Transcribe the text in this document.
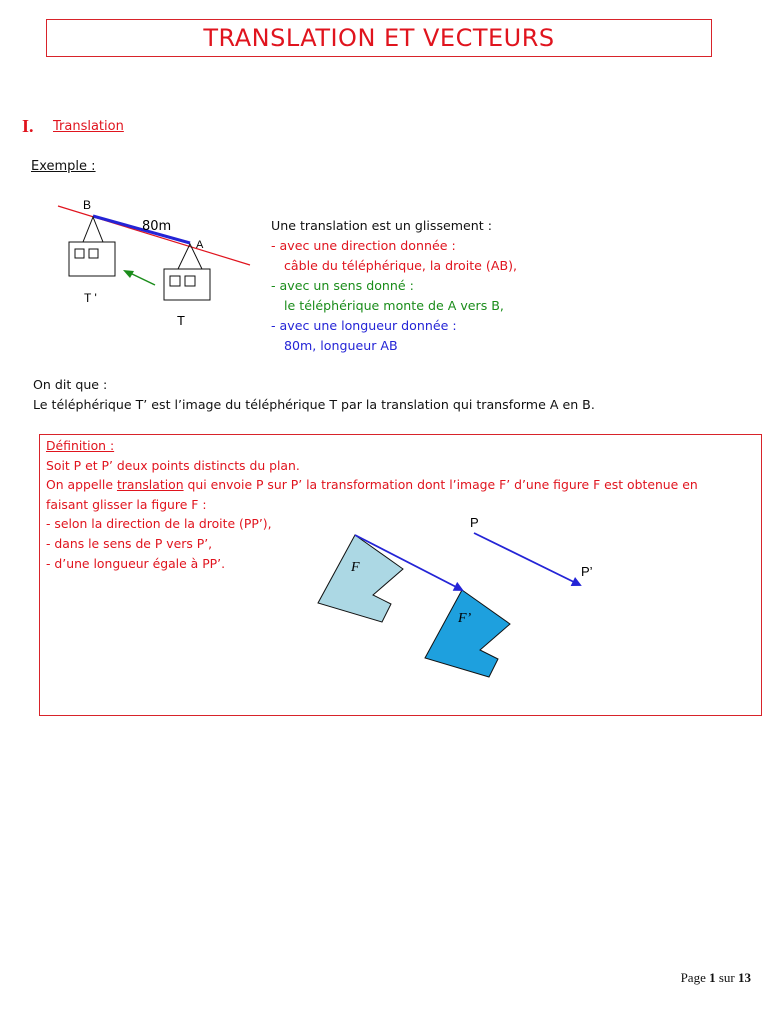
TRANSLATION ET VECTEURS
I. Translation
Exemple :
B
A
80m
T '
T
Une translation est un glissement :
- avec une direction donnée :
câble du téléphérique, la droite (AB),
- avec un sens donné :
le téléphérique monte de A vers B,
- avec une longueur donnée :
80m, longueur AB
On dit que :
Le téléphérique T’ est l’image du téléphérique T par la translation qui transforme A en B.
Définition :
Soit P et P’ deux points distincts du plan.
On appelle translation qui envoie P sur P’ la transformation dont l’image F’ d’une figure F est obtenue en
faisant glisser la figure F :
- selon la direction de la droite (PP’),
- dans le sens de P vers P’,
- d’une longueur égale à PP’.	F
F’
P
P’
Page 1 sur 13
